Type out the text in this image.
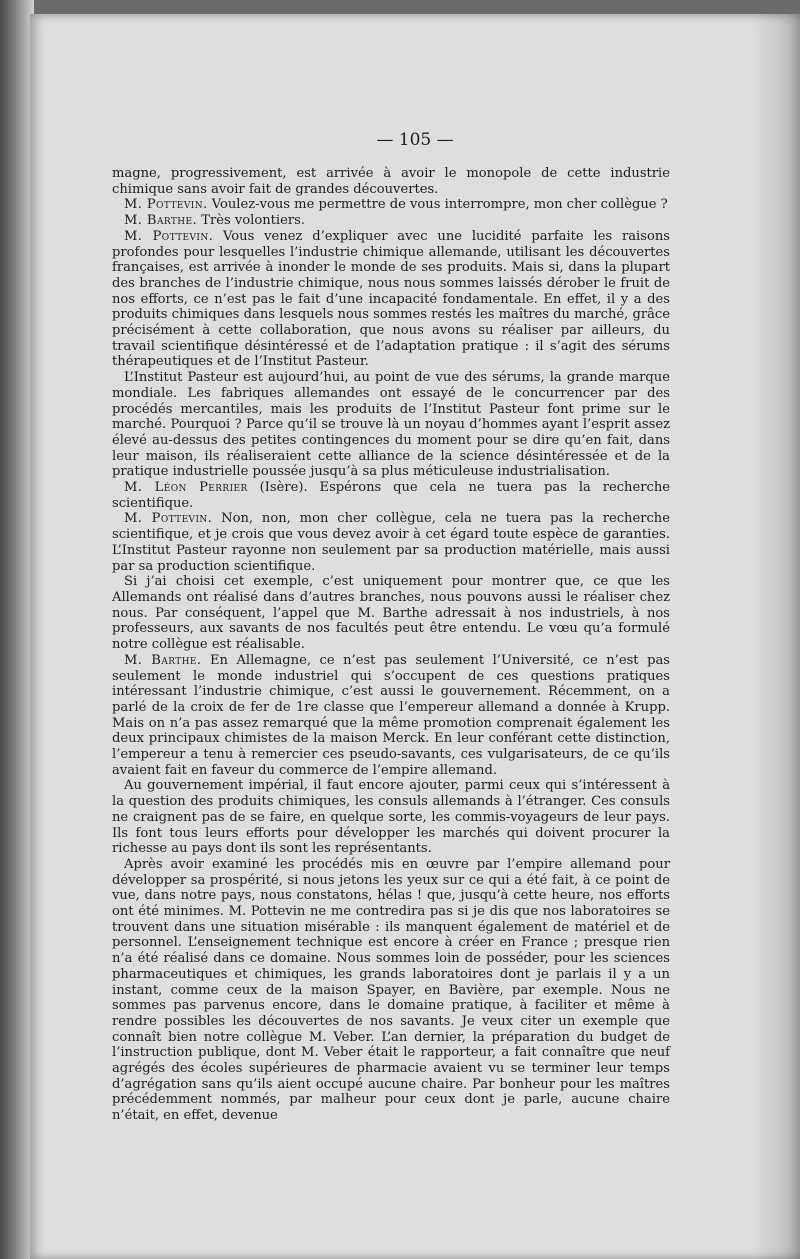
— 105 —

magne, progressivement, est arrivée à avoir le monopole de cette industrie chimique sans avoir fait de grandes découvertes.

M. Pottevin. Voulez-vous me permettre de vous interrompre, mon cher collègue ?

M. Barthe. Très volontiers.

M. Pottevin. Vous venez d’expliquer avec une lucidité parfaite les raisons profondes pour lesquelles l’industrie chimique allemande, utilisant les découvertes françaises, est arrivée à inonder le monde de ses produits. Mais si, dans la plupart des branches de l’industrie chimique, nous nous sommes laissés dérober le fruit de nos efforts, ce n’est pas le fait d’une incapacité fondamentale. En effet, il y a des produits chimiques dans lesquels nous sommes restés les maîtres du marché, grâce précisément à cette collaboration, que nous avons su réaliser par ailleurs, du travail scientifique désintéressé et de l’adaptation pratique : il s’agit des sérums thérapeutiques et de l’Institut Pasteur.

L’Institut Pasteur est aujourd’hui, au point de vue des sérums, la grande marque mondiale. Les fabriques allemandes ont essayé de le concurrencer par des procédés mercantiles, mais les produits de l’Institut Pasteur font prime sur le marché. Pourquoi ? Parce qu’il se trouve là un noyau d’hommes ayant l’esprit assez élevé au-dessus des petites contingences du moment pour se dire qu’en fait, dans leur maison, ils réaliseraient cette alliance de la science désintéressée et de la pratique industrielle poussée jusqu’à sa plus méticuleuse industrialisation.

M. Léon Perrier (Isère). Espérons que cela ne tuera pas la recherche scientifique.

M. Pottevin. Non, non, mon cher collègue, cela ne tuera pas la recherche scientifique, et je crois que vous devez avoir à cet égard toute espèce de garanties. L’Institut Pasteur rayonne non seulement par sa production matérielle, mais aussi par sa production scientifique.

Si j’ai choisi cet exemple, c’est uniquement pour montrer que, ce que les Allemands ont réalisé dans d’autres branches, nous pouvons aussi le réaliser chez nous. Par conséquent, l’appel que M. Barthe adressait à nos industriels, à nos professeurs, aux savants de nos facultés peut être entendu. Le vœu qu’a formulé notre collègue est réalisable.

M. Barthe. En Allemagne, ce n’est pas seulement l’Université, ce n’est pas seulement le monde industriel qui s’occupent de ces questions pratiques intéressant l’industrie chimique, c’est aussi le gouvernement. Récemment, on a parlé de la croix de fer de 1re classe que l’empereur allemand a donnée à Krupp. Mais on n’a pas assez remarqué que la même promotion comprenait également les deux principaux chimistes de la maison Merck. En leur conférant cette distinction, l’empereur a tenu à remercier ces pseudo-savants, ces vulgarisateurs, de ce qu’ils avaient fait en faveur du commerce de l’empire allemand.

Au gouvernement impérial, il faut encore ajouter, parmi ceux qui s’intéressent à la question des produits chimiques, les consuls allemands à l’étranger. Ces consuls ne craignent pas de se faire, en quelque sorte, les commis-voyageurs de leur pays. Ils font tous leurs efforts pour développer les marchés qui doivent procurer la richesse au pays dont ils sont les représentants.

Après avoir examiné les procédés mis en œuvre par l’empire allemand pour développer sa prospérité, si nous jetons les yeux sur ce qui a été fait, à ce point de vue, dans notre pays, nous constatons, hélas ! que, jusqu’à cette heure, nos efforts ont été minimes. M. Pottevin ne me contredira pas si je dis que nos laboratoires se trouvent dans une situation misérable : ils manquent également de matériel et de personnel. L’enseignement technique est encore à créer en France ; presque rien n’a été réalisé dans ce domaine. Nous sommes loin de posséder, pour les sciences pharmaceutiques et chimiques, les grands laboratoires dont je parlais il y a un instant, comme ceux de la maison Spayer, en Bavière, par exemple. Nous ne sommes pas parvenus encore, dans le domaine pratique, à faciliter et même à rendre possibles les découvertes de nos savants. Je veux citer un exemple que connaît bien notre collègue M. Veber. L’an dernier, la préparation du budget de l’instruction publique, dont M. Veber était le rapporteur, a fait connaître que neuf agrégés des écoles supérieures de pharmacie avaient vu se terminer leur temps d’agrégation sans qu’ils aient occupé aucune chaire. Par bonheur pour les maîtres précédemment nommés, par malheur pour ceux dont je parle, aucune chaire n’était, en effet, devenue
